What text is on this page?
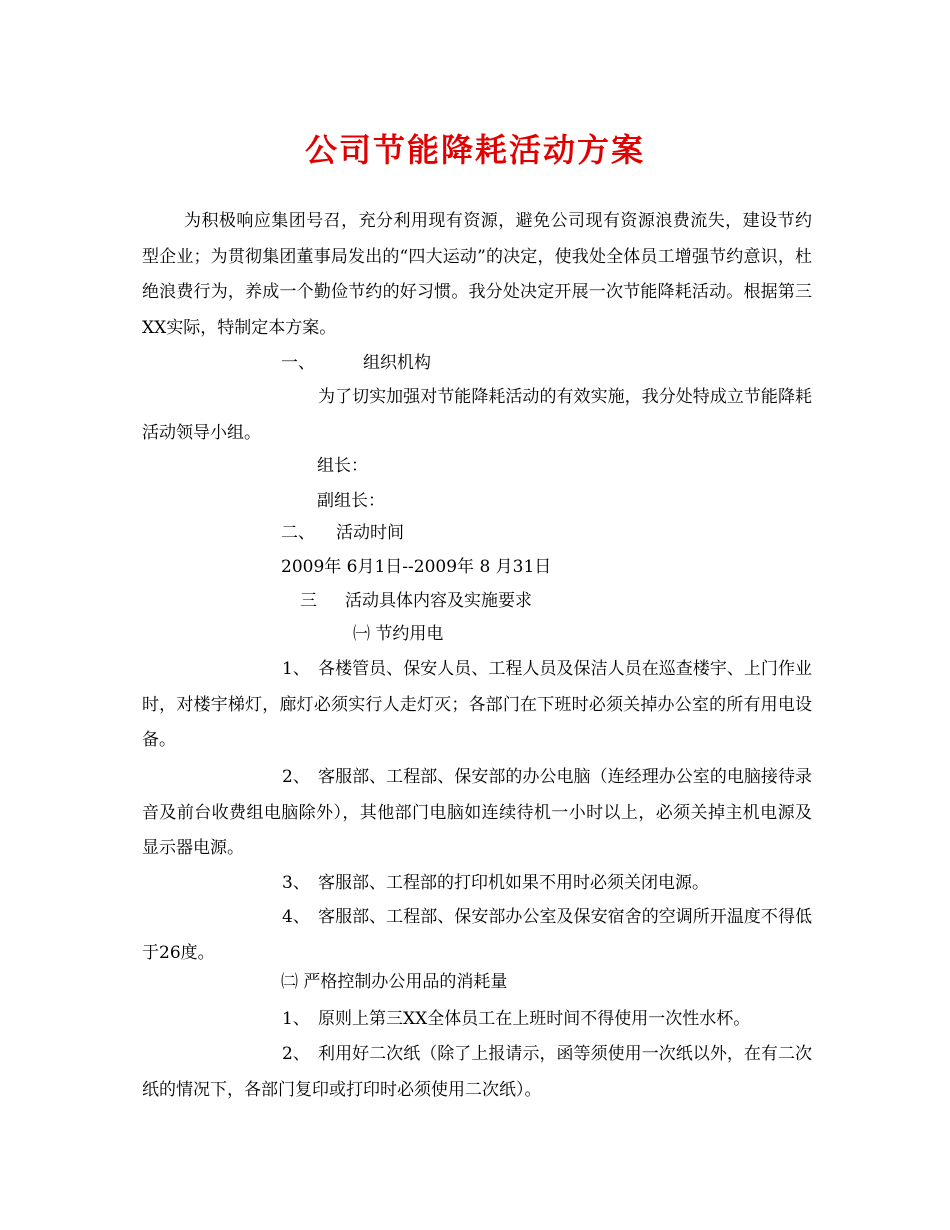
公司节能降耗活动方案
为积极响应集团号召，充分利用现有资源，避免公司现有资源浪费流失，建设节约型企业；为贯彻集团董事局发出的“四大运动”的决定，使我处全体员工增强节约意识，杜绝浪费行为，养成一个勤俭节约的好习惯。我分处决定开展一次节能降耗活动。根据第三XX实际，特制定本方案。
一、	组织机构
为了切实加强对节能降耗活动的有效实施，我分处特成立节能降耗活动领导小组。
组长：
副组长：
二、 活动时间
2009年 6月1日--2009年 8 月31日
三 活动具体内容及实施要求
㈠ 节约用电
1、 各楼管员、保安人员、工程人员及保洁人员在巡查楼宇、上门作业时，对楼宇梯灯，廊灯必须实行人走灯灭；各部门在下班时必须关掉办公室的所有用电设备。
2、 客服部、工程部、保安部的办公电脑（连经理办公室的电脑接待录音及前台收费组电脑除外），其他部门电脑如连续待机一小时以上，必须关掉主机电源及显示器电源。
3、 客服部、工程部的打印机如果不用时必须关闭电源。
4、 客服部、工程部、保安部办公室及保安宿舍的空调所开温度不得低于26度。
㈡ 严格控制办公用品的消耗量
1、 原则上第三XX全体员工在上班时间不得使用一次性水杯。
2、 利用好二次纸（除了上报请示，函等须使用一次纸以外，在有二次纸的情况下，各部门复印或打印时必须使用二次纸）。
